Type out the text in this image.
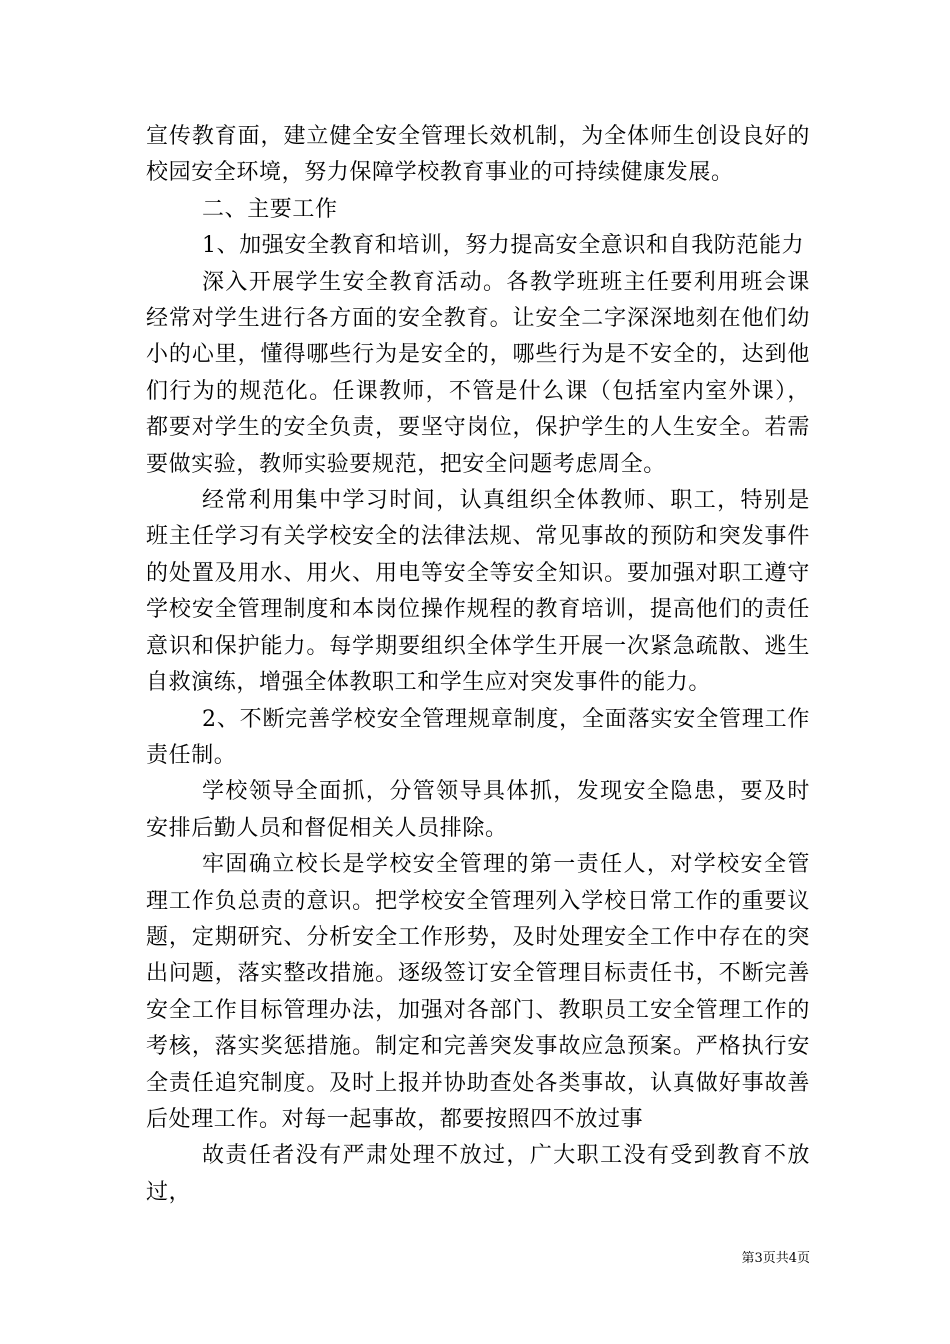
宣传教育面，建立健全安全管理长效机制，为全体师生创设良好的校园安全环境，努力保障学校教育事业的可持续健康发展。

二、主要工作

1、加强安全教育和培训，努力提高安全意识和自我防范能力

深入开展学生安全教育活动。各教学班班主任要利用班会课经常对学生进行各方面的安全教育。让安全二字深深地刻在他们幼小的心里，懂得哪些行为是安全的，哪些行为是不安全的，达到他们行为的规范化。任课教师，不管是什么课（包括室内室外课），都要对学生的安全负责，要坚守岗位，保护学生的人生安全。若需要做实验，教师实验要规范，把安全问题考虑周全。

经常利用集中学习时间，认真组织全体教师、职工，特别是班主任学习有关学校安全的法律法规、常见事故的预防和突发事件的处置及用水、用火、用电等安全等安全知识。要加强对职工遵守学校安全管理制度和本岗位操作规程的教育培训，提高他们的责任意识和保护能力。每学期要组织全体学生开展一次紧急疏散、逃生自救演练，增强全体教职工和学生应对突发事件的能力。

2、不断完善学校安全管理规章制度，全面落实安全管理工作责任制。

学校领导全面抓，分管领导具体抓，发现安全隐患，要及时安排后勤人员和督促相关人员排除。

牢固确立校长是学校安全管理的第一责任人，对学校安全管理工作负总责的意识。把学校安全管理列入学校日常工作的重要议题，定期研究、分析安全工作形势，及时处理安全工作中存在的突出问题，落实整改措施。逐级签订安全管理目标责任书，不断完善安全工作目标管理办法，加强对各部门、教职员工安全管理工作的考核，落实奖惩措施。制定和完善突发事故应急预案。严格执行安全责任追究制度。及时上报并协助查处各类事故，认真做好事故善后处理工作。对每一起事故，都要按照四不放过事

故责任者没有严肃处理不放过，广大职工没有受到教育不放过，

第3页共4页
